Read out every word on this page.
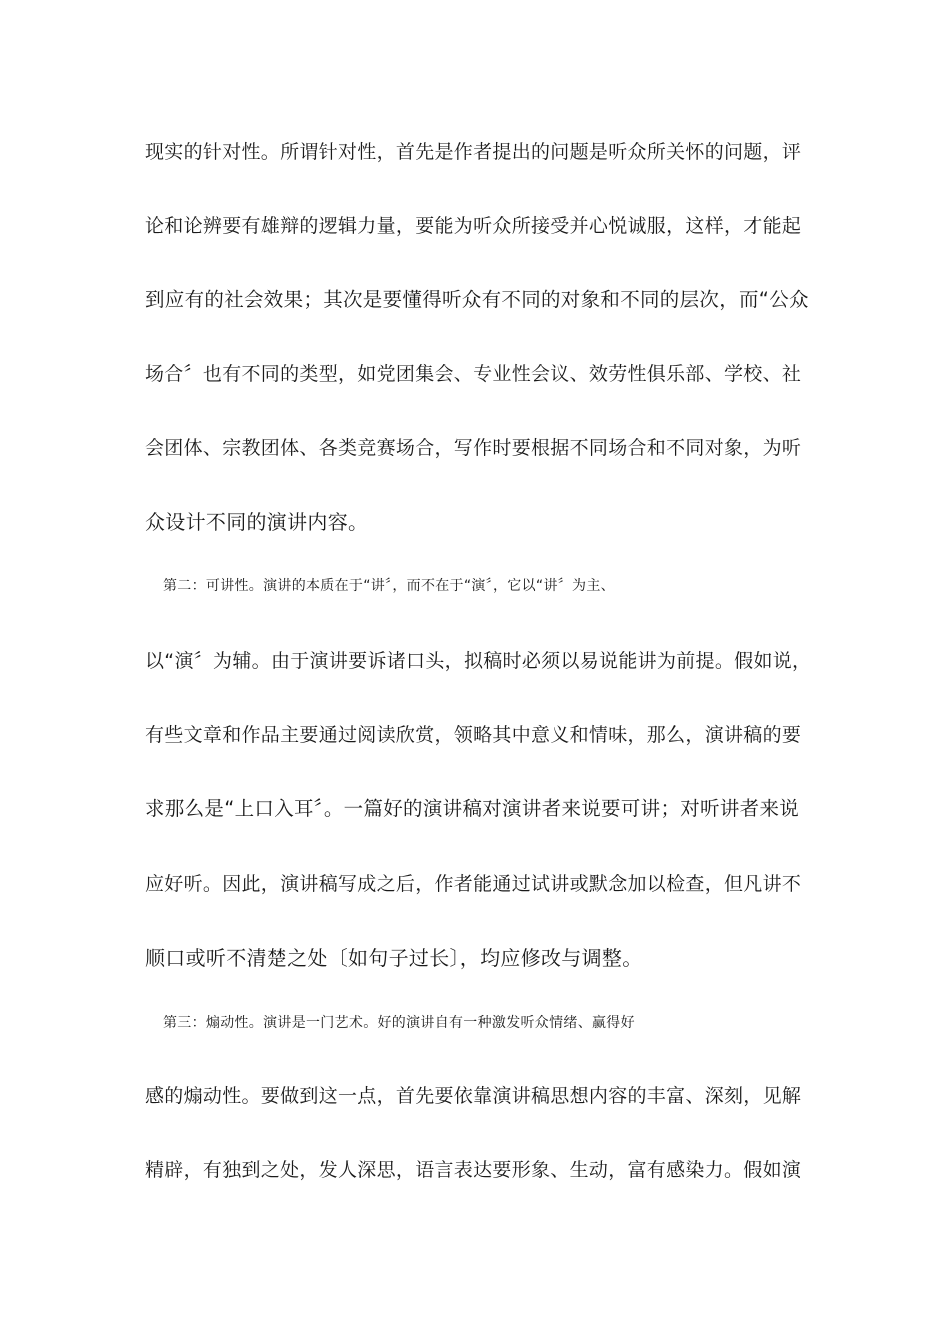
现实的针对性。所谓针对性，首先是作者提出的问题是听众所关怀的问题，评
论和论辨要有雄辩的逻辑力量，要能为听众所接受并心悦诚服，这样，才能起
到应有的社会效果；其次是要懂得听众有不同的对象和不同的层次，而“公众
场合〞也有不同的类型，如党团集会、专业性会议、效劳性俱乐部、学校、社
会团体、宗教团体、各类竞赛场合，写作时要根据不同场合和不同对象，为听
众设计不同的演讲内容。
第二：可讲性。演讲的本质在于“讲〞，而不在于“演〞，它以“讲〞为主、
以“演〞为辅。由于演讲要诉诸口头，拟稿时必须以易说能讲为前提。假如说，
有些文章和作品主要通过阅读欣赏，领略其中意义和情味，那么，演讲稿的要
求那么是“上口入耳〞。一篇好的演讲稿对演讲者来说要可讲；对听讲者来说
应好听。因此，演讲稿写成之后，作者能通过试讲或默念加以检查，但凡讲不
顺口或听不清楚之处〔如句子过长〕，均应修改与调整。
第三：煽动性。演讲是一门艺术。好的演讲自有一种激发听众情绪、赢得好
感的煽动性。要做到这一点，首先要依靠演讲稿思想内容的丰富、深刻，见解
精辟，有独到之处，发人深思，语言表达要形象、生动，富有感染力。假如演
